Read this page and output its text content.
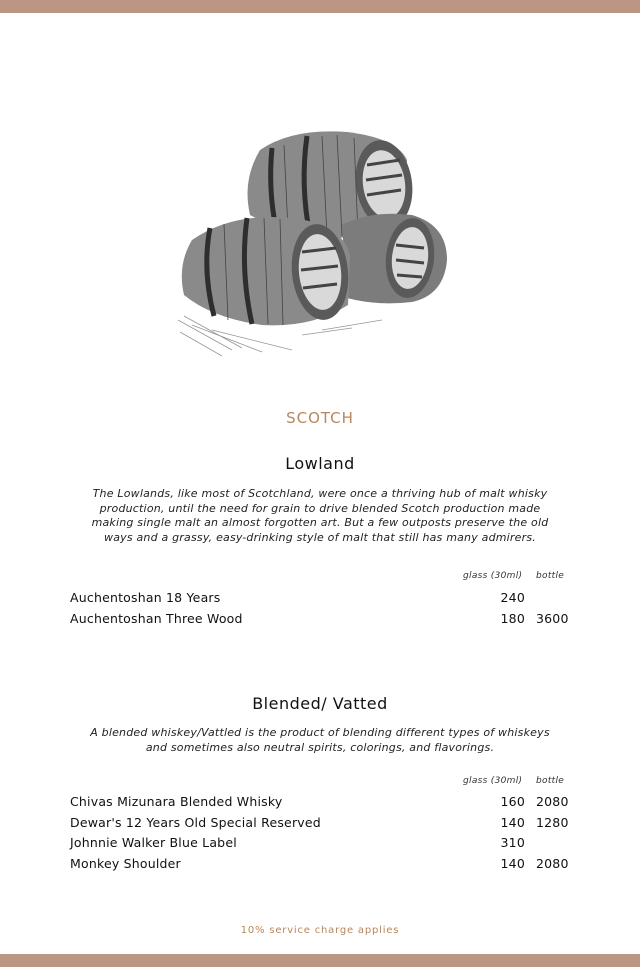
SCOTCH
Lowland
The Lowlands, like most of Scotchland, were once a thriving hub of malt whisky
production, until the need for grain to drive blended Scotch production made
making single malt an almost forgotten art. But a few outposts preserve the old
ways and a grassy, easy-drinking style of malt that still has many admirers.
glass (30ml) bottle
Auchentoshan 18 Years	240
Auchentoshan Three Wood	180 3600
Blended/ Vatted
A blended whiskey/Vattled is the product of blending different types of whiskeys
and sometimes also neutral spirits, colorings, and flavorings.
glass (30ml) bottle
Chivas Mizunara Blended Whisky	160 2080
Dewar's 12 Years Old Special Reserved	140 1280
Johnnie Walker Blue Label	310
Monkey Shoulder	140 2080
10% service charge applies
